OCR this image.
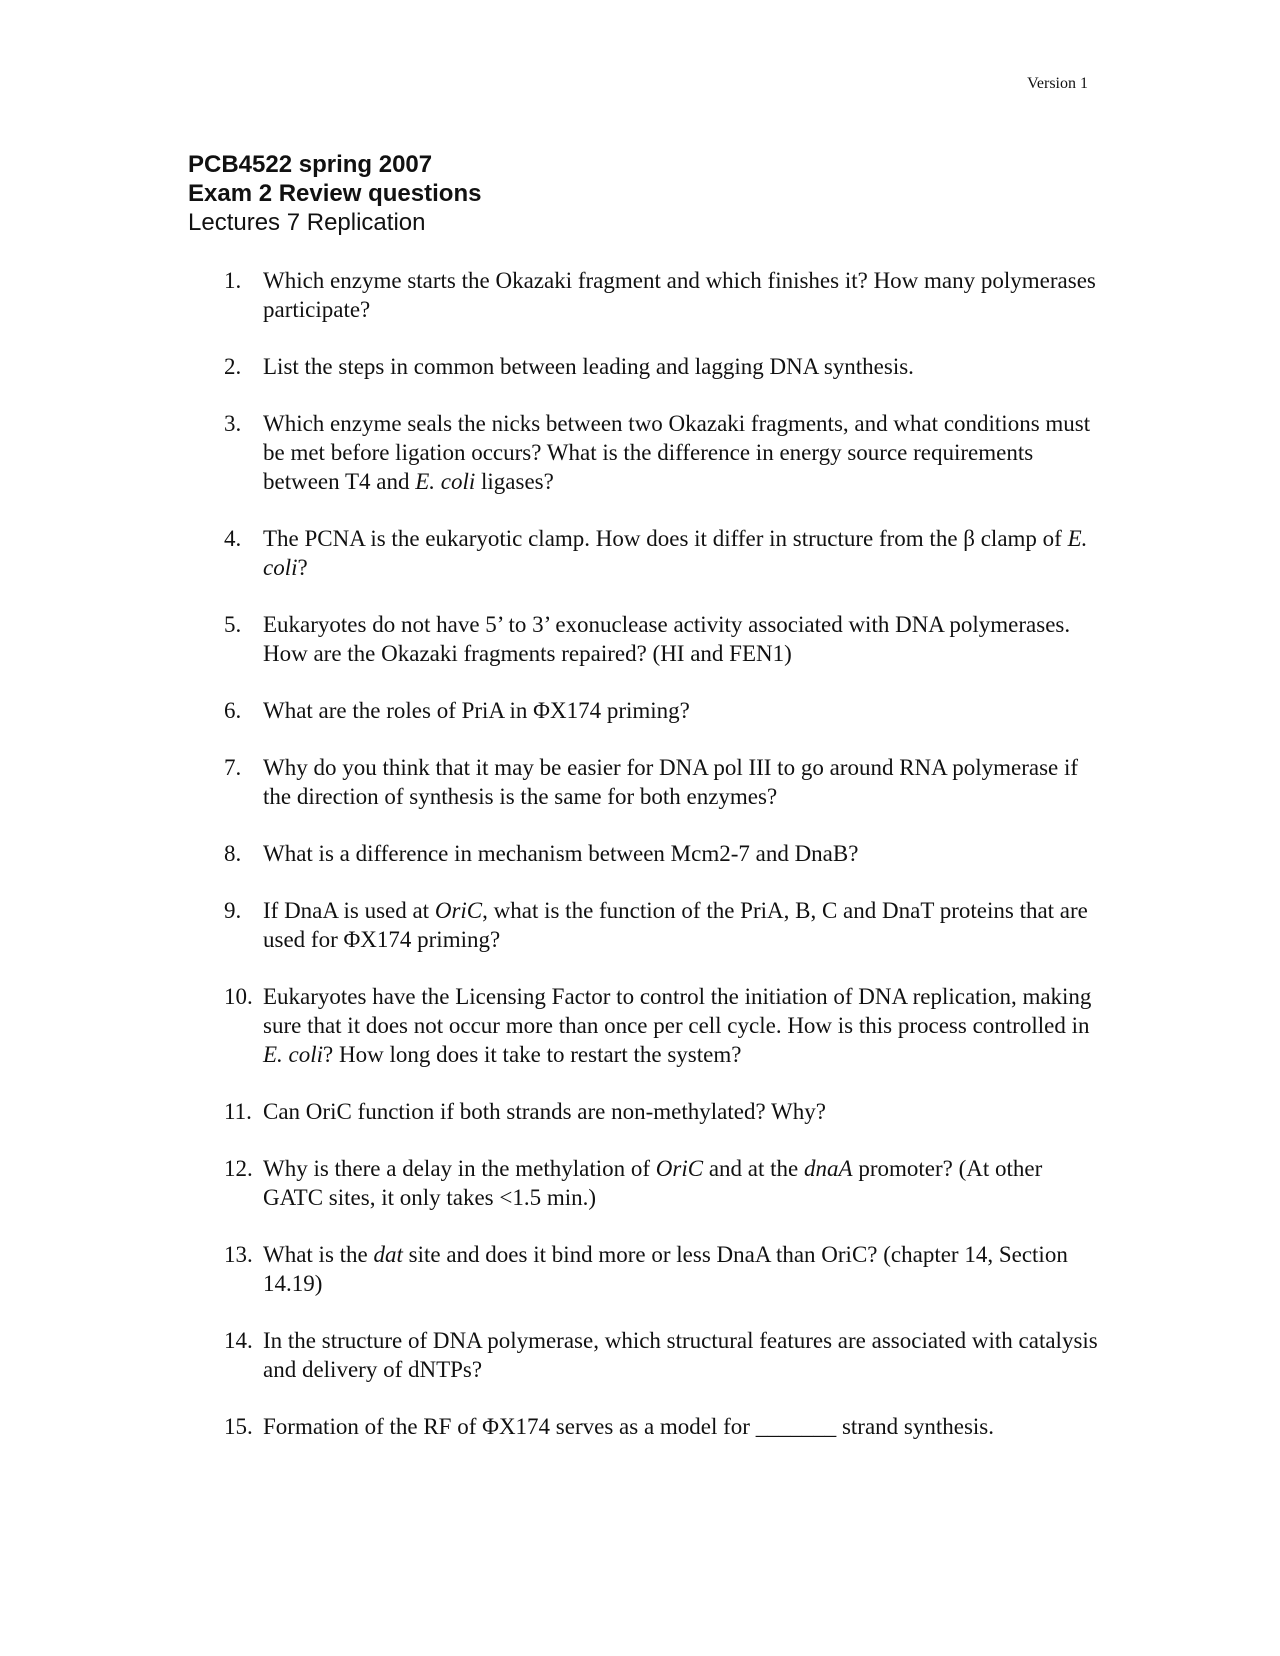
Version 1
PCB4522 spring 2007
Exam 2 Review questions
Lectures 7 Replication
1. Which enzyme starts the Okazaki fragment and which finishes it? How many polymerases participate?
2. List the steps in common between leading and lagging DNA synthesis.
3. Which enzyme seals the nicks between two Okazaki fragments, and what conditions must be met before ligation occurs? What is the difference in energy source requirements between T4 and E. coli ligases?
4. The PCNA is the eukaryotic clamp. How does it differ in structure from the β clamp of E. coli?
5. Eukaryotes do not have 5’ to 3’ exonuclease activity associated with DNA polymerases. How are the Okazaki fragments repaired? (HI and FEN1)
6. What are the roles of PriA in ΦX174 priming?
7. Why do you think that it may be easier for DNA pol III to go around RNA polymerase if the direction of synthesis is the same for both enzymes?
8. What is a difference in mechanism between Mcm2-7 and DnaB?
9. If DnaA is used at OriC, what is the function of the PriA, B, C and DnaT proteins that are used for ΦX174 priming?
10. Eukaryotes have the Licensing Factor to control the initiation of DNA replication, making sure that it does not occur more than once per cell cycle. How is this process controlled in E. coli? How long does it take to restart the system?
11. Can OriC function if both strands are non-methylated? Why?
12. Why is there a delay in the methylation of OriC and at the dnaA promoter? (At other GATC sites, it only takes <1.5 min.)
13. What is the dat site and does it bind more or less DnaA than OriC? (chapter 14, Section 14.19)
14. In the structure of DNA polymerase, which structural features are associated with catalysis and delivery of dNTPs?
15. Formation of the RF of ΦX174 serves as a model for _______ strand synthesis.
